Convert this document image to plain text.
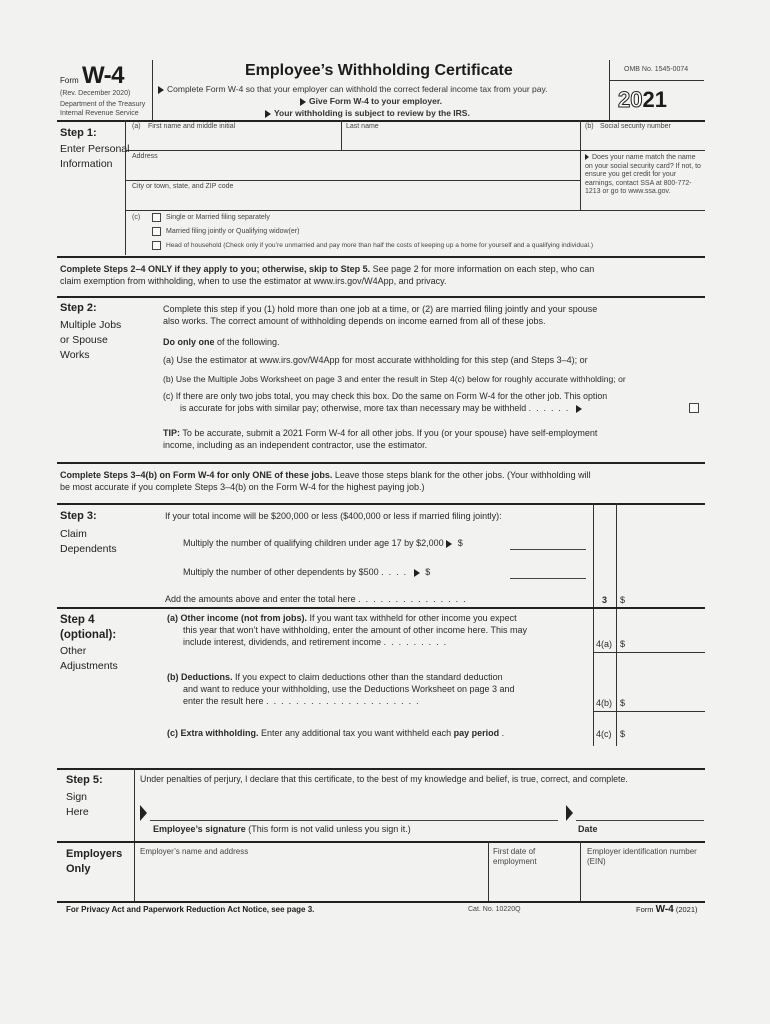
Form W-4
(Rev. December 2020)
Department of the Treasury
Internal Revenue Service
Employee’s Withholding Certificate
Complete Form W-4 so that your employer can withhold the correct federal income tax from your pay.
Give Form W-4 to your employer.
Your withholding is subject to review by the IRS.
OMB No. 1545-0074
2021
Step 1:
Enter Personal Information
(a) First name and middle initial	Last name	(b) Social security number
Address
City or town, state, and ZIP code
Does your name match the name on your social security card? If not, to ensure you get credit for your earnings, contact SSA at 800-772-1213 or go to www.ssa.gov.
(c)	Single or Married filing separately
Married filing jointly or Qualifying widow(er)
Head of household (Check only if you’re unmarried and pay more than half the costs of keeping up a home for yourself and a qualifying individual.)
Complete Steps 2–4 ONLY if they apply to you; otherwise, skip to Step 5. See page 2 for more information on each step, who can
claim exemption from withholding, when to use the estimator at www.irs.gov/W4App, and privacy.
Step 2:
Multiple Jobs
or Spouse
Works
Complete this step if you (1) hold more than one job at a time, or (2) are married filing jointly and your spouse
also works. The correct amount of withholding depends on income earned from all of these jobs.
Do only one of the following.
(a) Use the estimator at www.irs.gov/W4App for most accurate withholding for this step (and Steps 3–4); or
(b) Use the Multiple Jobs Worksheet on page 3 and enter the result in Step 4(c) below for roughly accurate withholding; or
(c) If there are only two jobs total, you may check this box. Do the same on Form W-4 for the other job. This option
is accurate for jobs with similar pay; otherwise, more tax than necessary may be withheld ......
TIP: To be accurate, submit a 2021 Form W-4 for all other jobs. If you (or your spouse) have self-employment
income, including as an independent contractor, use the estimator.
Complete Steps 3–4(b) on Form W-4 for only ONE of these jobs. Leave those steps blank for the other jobs. (Your withholding will
be most accurate if you complete Steps 3–4(b) on the Form W-4 for the highest paying job.)
Step 3:
Claim
Dependents
If your total income will be $200,000 or less ($400,000 or less if married filing jointly):
Multiply the number of qualifying children under age 17 by $2,000 $
Multiply the number of other dependents by $500 .... $
Add the amounts above and enter the total here ...............	3 $
Step 4
(optional):
Other
Adjustments
(a) Other income (not from jobs). If you want tax withheld for other income you expect
this year that won’t have withholding, enter the amount of other income here. This may
include interest, dividends, and retirement income .........	4(a) $
(b) Deductions. If you expect to claim deductions other than the standard deduction
and want to reduce your withholding, use the Deductions Worksheet on page 3 and
enter the result here .....................	4(b) $
(c) Extra withholding. Enter any additional tax you want withheld each pay period .	4(c) $
Step 5:
Sign
Here
Under penalties of perjury, I declare that this certificate, to the best of my knowledge and belief, is true, correct, and complete.
Employee’s signature (This form is not valid unless you sign it.)	Date
Employers
Only
Employer’s name and address	First date of employment
Employer identification number (EIN)
For Privacy Act and Paperwork Reduction Act Notice, see page 3.	Cat. No. 10220Q	Form W-4 (2021)
